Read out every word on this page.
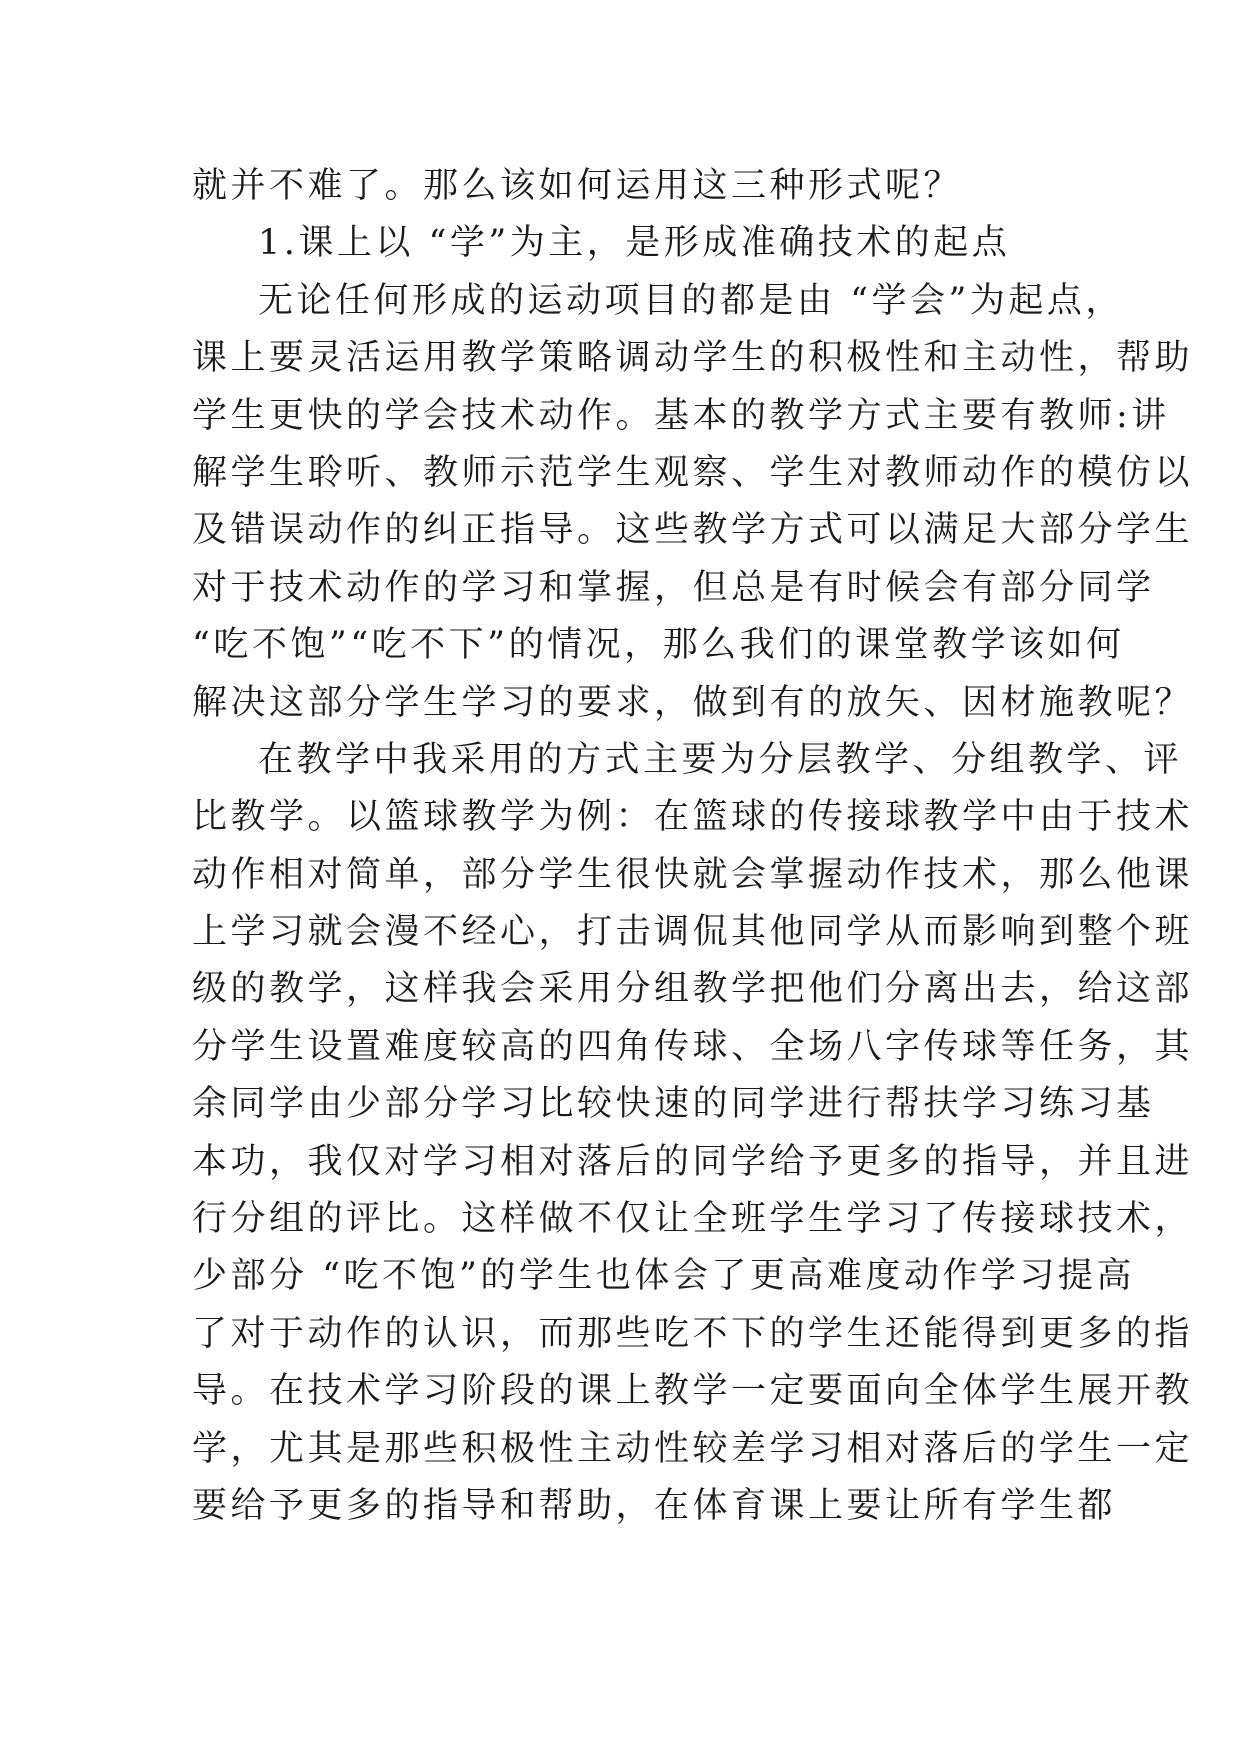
就并不难了。那么该如何运用这三种形式呢？
1.课上以 “学”为主，是形成准确技术的起点
无论任何形成的运动项目的都是由 “学会”为起点，
课上要灵活运用教学策略调动学生的积极性和主动性，帮助
学生更快的学会技术动作。基本的教学方式主要有教师:讲
解学生聆听、教师示范学生观察、学生对教师动作的模仿以
及错误动作的纠正指导。这些教学方式可以满足大部分学生
对于技术动作的学习和掌握，但总是有时候会有部分同学
“吃不饱”“吃不下”的情况，那么我们的课堂教学该如何
解决这部分学生学习的要求，做到有的放矢、因材施教呢？
在教学中我采用的方式主要为分层教学、分组教学、评
比教学。以篮球教学为例：在篮球的传接球教学中由于技术
动作相对简单，部分学生很快就会掌握动作技术，那么他课
上学习就会漫不经心，打击调侃其他同学从而影响到整个班
级的教学，这样我会采用分组教学把他们分离出去，给这部
分学生设置难度较高的四角传球、全场八字传球等任务，其
余同学由少部分学习比较快速的同学进行帮扶学习练习基
本功，我仅对学习相对落后的同学给予更多的指导，并且进
行分组的评比。这样做不仅让全班学生学习了传接球技术，
少部分 “吃不饱”的学生也体会了更高难度动作学习提高
了对于动作的认识，而那些吃不下的学生还能得到更多的指
导。在技术学习阶段的课上教学一定要面向全体学生展开教
学，尤其是那些积极性主动性较差学习相对落后的学生一定
要给予更多的指导和帮助，在体育课上要让所有学生都
